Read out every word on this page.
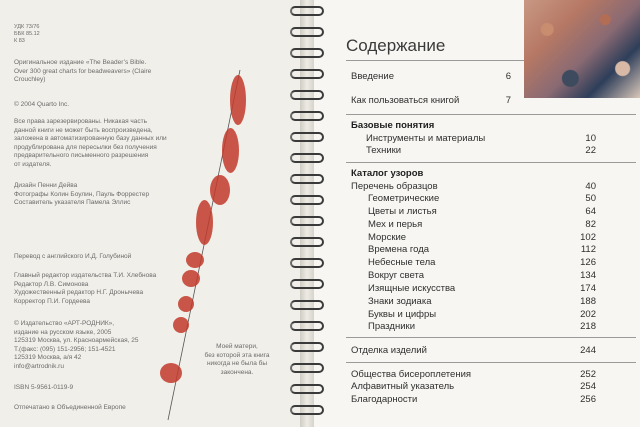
УДК 73/76
ББК 85.12
К 83
Оригинальное издание «The Beader’s Bible.
Over 300 great charts for beadweavers» (Claire
Crouchley)
© 2004 Quarto Inc.
Все права зарезервированы. Никакая часть
данной книги не может быть воспроизведена,
заложена в автоматизированную базу данных или
продублирована для пересылки без получения
предварительного письменного разрешения
от издателя.
Дизайн Пенни Дейва
Фотографы Колин Боулин, Пауль Форрестер
Составитель указателя Памела Эллис
Перевод с английского И.Д. Голубиной
Главный редактор издательства Т.И. Хлебнова
Редактор Л.В. Симонова
Художественный редактор Н.Г. Дронычева
Корректор П.И. Гордеева
© Издательство «АРТ-РОДНИК»,
издание на русском языке, 2005
125319 Москва, ул. Красноармейская, 25
Т.(факс: (095) 151-2956; 151-4521
125319 Москва, а/я 42
info@artrodnik.ru
ISBN 5-9561-0119-9
Отпечатано в Объединенной Европе
Моей матери,
без которой эта книга
никогда не была бы
закончена.
Содержание
Введение	6
Как пользоваться книгой	7
Базовые понятия
Инструменты и материалы	10
Техники	22
Каталог узоров
Перечень образцов	40
Геометрические	50
Цветы и листья	64
Мех и перья	82
Морские	102
Времена года	112
Небесные тела	126
Вокруг света	134
Изящные искусства	174
Знаки зодиака	188
Буквы и цифры	202
Праздники	218
Отделка изделий	244
Общества бисероплетения	252
Алфавитный указатель	254
Благодарности	256
